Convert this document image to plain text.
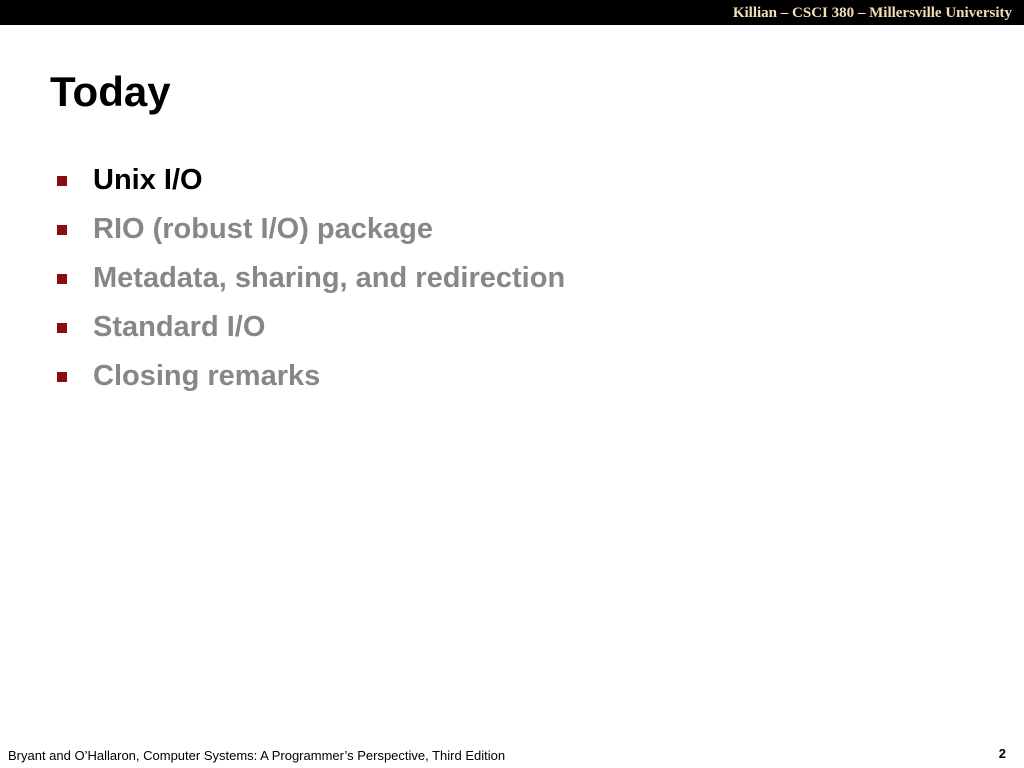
Killian – CSCI 380 – Millersville University
Today
Unix I/O
RIO (robust I/O) package
Metadata, sharing, and redirection
Standard I/O
Closing remarks
Bryant and O’Hallaron, Computer Systems: A Programmer’s Perspective, Third Edition	2
